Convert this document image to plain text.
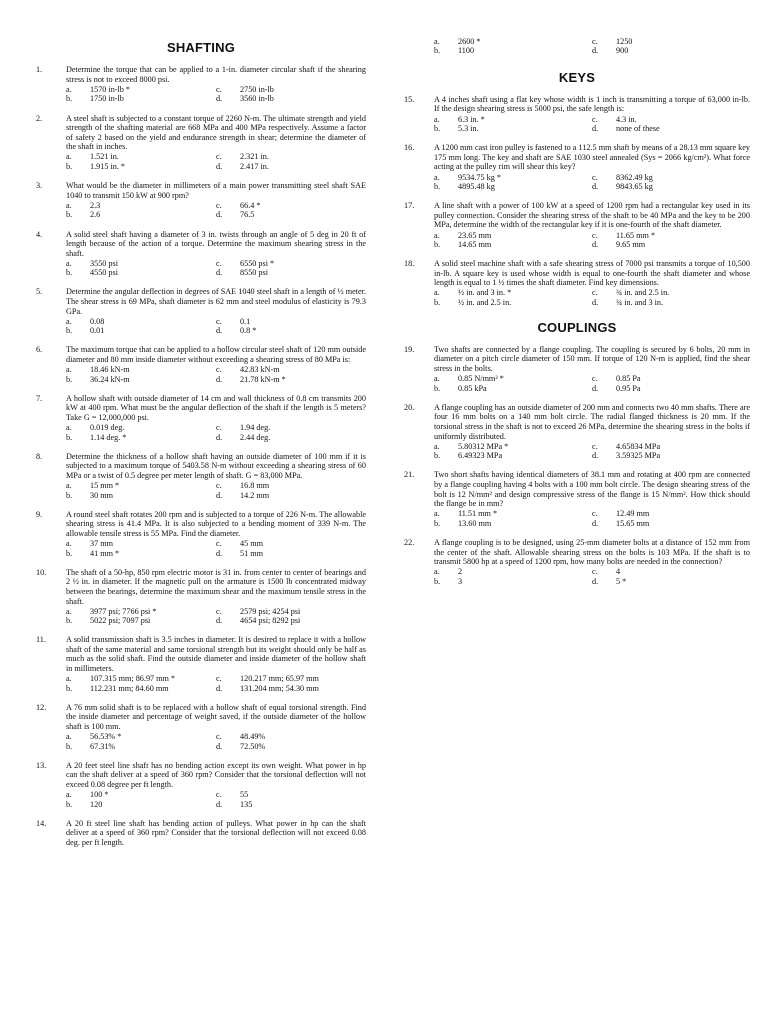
SHAFTING
1.	Determine the torque that can be applied to a 1-in. diameter circular shaft if the shearing stress is not to exceed 8000 psi.
a.	1570 in-lb *	c.	2750 in-lb
b.	1750 in-lb	d.	3560 in-lb
2.	A steel shaft is subjected to a constant torque of 2260 N-m. The ultimate strength and yield strength of the shafting material are 668 MPa and 400 MPa respectively. Assume a factor of safety 2 based on the yield and endurance strength in shear; determine the diameter of the shaft in inches.
a.	1.521 in.	c.	2.321 in.
b.	1.915 in. *	d.	2.417 in.
3.	What would be the diameter in millimeters of a main power transmitting steel shaft SAE 1040 to transmit 150 kW at 900 rpm?
a.	2.3	c.	66.4 *
b.	2.6	d.	76.5
4.	A solid steel shaft having a diameter of 3 in. twists through an angle of 5 deg in 20 ft of length because of the action of a torque. Determine the maximum shearing stress in the shaft.
a.	3550 psi	c.	6550 psi *
b.	4550 psi	d.	8550 psi
5.	Determine the angular deflection in degrees of SAE 1040 steel shaft in a length of ½ meter. The shear stress is 69 MPa, shaft diameter is 62 mm and steel modulus of elasticity is 79.3 GPa.
a.	0.08	c.	0.1
b.	0.01	d.	0.8 *
6.	The maximum torque that can be applied to a hollow circular steel shaft of 120 mm outside diameter and 80 mm inside diameter without exceeding a shearing stress of 80 MPa is:
a.	18.46 kN-m	c.	42.83 kN-m
b.	36.24 kN-m	d.	21.78 kN-m *
7.	A hollow shaft with outside diameter of 14 cm and wall thickness of 0.8 cm transmits 200 kW at 400 rpm. What must be the angular deflection of the shaft if the length is 5 meters? Take G = 12,000,000 psi.
a.	0.019 deg.	c.	1.94 deg.
b.	1.14 deg. *	d.	2.44 deg.
8.	Determine the thickness of a hollow shaft having an outside diameter of 100 mm if it is subjected to a maximum torque of 5403.58 N-m without exceeding a shearing stress of 60 MPa or a twist of 0.5 degree per meter length of shaft. G = 83,000 MPa.
a.	15 mm *	c.	16.8 mm
b.	30 mm	d.	14.2 mm
9.	A round steel shaft rotates 200 rpm and is subjected to a torque of 226 N-m. The allowable shearing stress is 41.4 MPa. It is also subjected to a bending moment of 339 N-m. The allowable tensile stress is 55 MPa. Find the diameter.
a.	37 mm	c.	45 mm
b.	41 mm *	d.	51 mm
10.	The shaft of a 50-hp, 850 rpm electric motor is 31 in. from center to center of bearings and 2 ½ in. in diameter. If the magnetic pull on the armature is 1500 lb concentrated midway between the bearings, determine the maximum shear and the maximum tensile stress in the shaft.
a.	3977 psi; 7766 psi *	c.	2579 psi; 4254 psi
b.	5022 psi; 7097 psi	d.	4654 psi; 8292 psi
11.	A solid transmission shaft is 3.5 inches in diameter. It is desired to replace it with a hollow shaft of the same material and same torsional strength but its weight should only be half as much as the solid shaft. Find the outside diameter and inside diameter of the hollow shaft in millimeters.
a.	107.315 mm; 86.97 mm *	c.	120.217 mm; 65.97 mm
b.	112.231 mm; 84.60 mm	d.	131.204 mm; 54.30 mm
12.	A 76 mm solid shaft is to be replaced with a hollow shaft of equal torsional strength. Find the inside diameter and percentage of weight saved, if the outside diameter of the hollow shaft is 100 mm.
a.	56.53% *	c.	48.49%
b.	67.31%	d.	72.50%
13.	A 20 feet steel line shaft has no bending action except its own weight. What power in hp can the shaft deliver at a speed of 360 rpm? Consider that the torsional deflection will not exceed 0.08 degree per ft length.
a.	100 *	c.	55
b.	120	d.	135
14.	A 20 ft steel line shaft has bending action of pulleys. What power in hp can the shaft deliver at a speed of 360 rpm? Consider that the torsional deflection will not exceed 0.08 deg. per ft length.
a.	2600 *	c.	1250
b.	1100	d.	900
KEYS
15.	A 4 inches shaft using a flat key whose width is 1 inch is transmitting a torque of 63,000 in-lb. If the design shearing stress is 5000 psi, the safe length is:
a.	6.3 in. *	c.	4.3 in.
b.	5.3 in.	d.	none of these
16.	A 1200 mm cast iron pulley is fastened to a 112.5 mm shaft by means of a 28.13 mm square key 175 mm long. The key and shaft are SAE 1030 steel annealed (Sys = 2066 kg/cm²). What force acting at the pulley rim will shear this key?
a.	9534.75 kg *	c.	8362.49 kg
b.	4895.48 kg	d.	9843.65 kg
17.	A line shaft with a power of 100 kW at a speed of 1200 rpm had a rectangular key used in its pulley connection. Consider the shearing stress of the shaft to be 40 MPa and the key to be 200 MPa, determine the width of the rectangular key if it is one-fourth of the shaft diameter.
a.	23.65 mm	c.	11.65 mm *
b.	14.65 mm	d.	9.65 mm
18.	A solid steel machine shaft with a safe shearing stress of 7000 psi transmits a torque of 10,500 in-lb. A square key is used whose width is equal to one-fourth the shaft diameter and whose length is equal to 1 ½ times the shaft diameter. Find key dimensions.
a.	½ in. and 3 in. *	c.	¾ in. and 2.5 in.
b.	½ in. and 2.5 in.	d.	¾ in. and 3 in.
COUPLINGS
19.	Two shafts are connected by a flange coupling. The coupling is secured by 6 bolts, 20 mm in diameter on a pitch circle diameter of 150 mm. If torque of 120 N-m is applied, find the shear stress in the bolts.
a.	0.85 N/mm² *	c.	0.85 Pa
b.	0.85 kPa	d.	0.95 Pa
20.	A flange coupling has an outside diameter of 200 mm and connects two 40 mm shafts. There are four 16 mm bolts on a 140 mm bolt circle. The radial flanged thickness is 20 mm. If the torsional stress in the shaft is not to exceed 26 MPa, determine the shearing stress in the bolts if uniformly distributed.
a.	5.80312 MPa *	c.	4.65834 MPa
b.	6.49323 MPa	d.	3.59325 MPa
21.	Two short shafts having identical diameters of 38.1 mm and rotating at 400 rpm are connected by a flange coupling having 4 bolts with a 100 mm bolt circle. The design shearing stress of the bolt is 12 N/mm² and design compressive stress of the flange is 15 N/mm². How thick should the flange be in mm?
a.	11.51 mm *	c.	12.49 mm
b.	13.60 mm	d.	15.65 mm
22.	A flange coupling is to be designed, using 25-mm diameter bolts at a distance of 152 mm from the center of the shaft. Allowable shearing stress on the bolts is 103 MPa. If the shaft is to transmit 5800 hp at a speed of 1200 rpm, how many bolts are needed in the connection?
a.	2	c.	4
b.	3	d.	5 *
